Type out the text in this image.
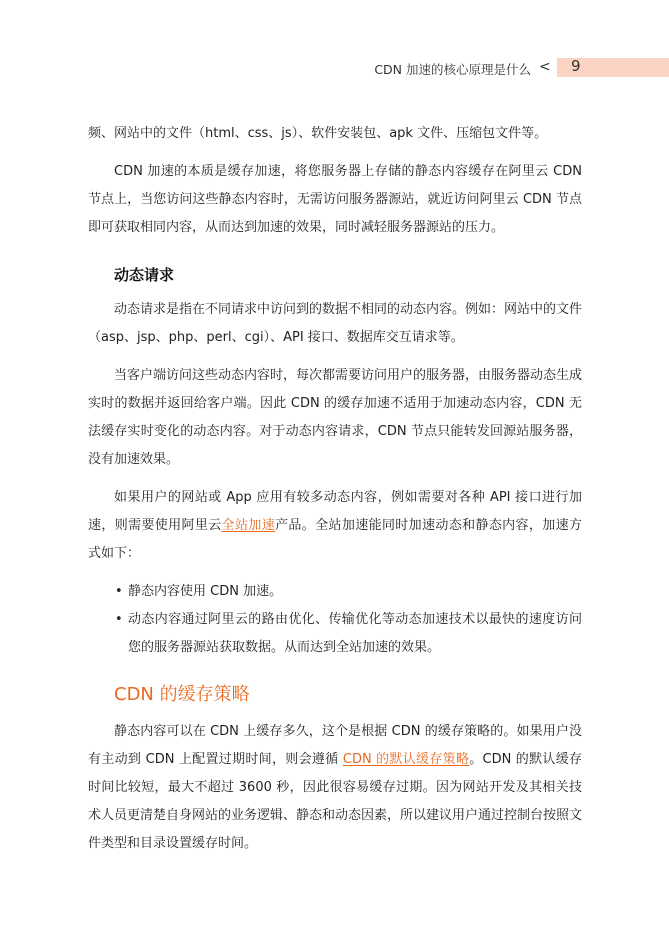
CDN 加速的核心原理是什么 < 9

频、网站中的文件（html、css、js）、软件安装包、apk 文件、压缩包文件等。

CDN 加速的本质是缓存加速，将您服务器上存储的静态内容缓存在阿里云 CDN 节点上，当您访问这些静态内容时，无需访问服务器源站，就近访问阿里云 CDN 节点即可获取相同内容，从而达到加速的效果，同时减轻服务器源站的压力。

动态请求

动态请求是指在不同请求中访问到的数据不相同的动态内容。例如：网站中的文件（asp、jsp、php、perl、cgi）、API 接口、数据库交互请求等。

当客户端访问这些动态内容时，每次都需要访问用户的服务器，由服务器动态生成实时的数据并返回给客户端。因此 CDN 的缓存加速不适用于加速动态内容，CDN 无法缓存实时变化的动态内容。对于动态内容请求，CDN 节点只能转发回源站服务器，没有加速效果。

如果用户的网站或 App 应用有较多动态内容，例如需要对各种 API 接口进行加速，则需要使用阿里云全站加速产品。全站加速能同时加速动态和静态内容，加速方式如下：

• 静态内容使用 CDN 加速。
• 动态内容通过阿里云的路由优化、传输优化等动态加速技术以最快的速度访问您的服务器源站获取数据。从而达到全站加速的效果。
CDN 的缓存策略

静态内容可以在 CDN 上缓存多久，这个是根据 CDN 的缓存策略的。如果用户没有主动到 CDN 上配置过期时间，则会遵循 CDN 的默认缓存策略。CDN 的默认缓存时间比较短，最大不超过 3600 秒，因此很容易缓存过期。因为网站开发及其相关技术人员更清楚自身网站的业务逻辑、静态和动态因素，所以建议用户通过控制台按照文件类型和目录设置缓存时间。
